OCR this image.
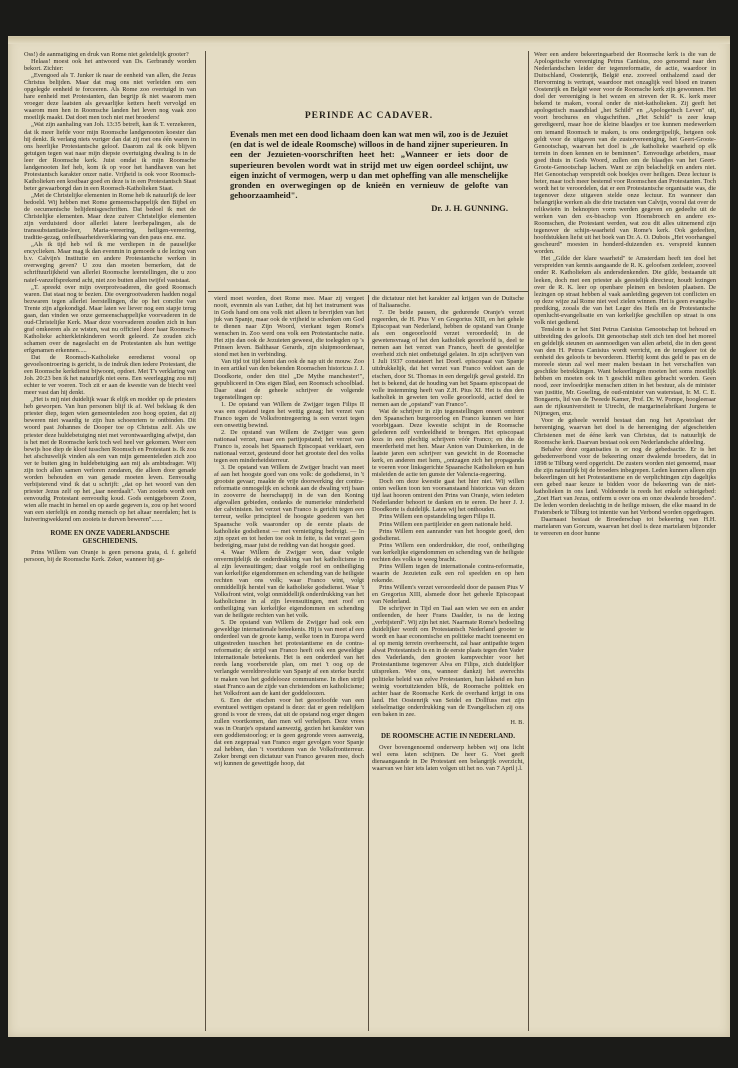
Oss!) de aanmatiging en druk van Rome niet geleidelijk grooter?

Helaas! moest ook het antwoord van Ds. Gerbrandy worden bekort. Zichier:

„Evengoed als T. Junker ik naar de eenheid van allen, die Jezus Christus belijden. Maar dat mag ons niet verleiden om een opgelegde eenheid te forceeren. Als Rome zoo overtuigd in van hare eenheid met Protestanten, dan begrijp ik niet waarom men vroeger deze laatsten als gevaarlijke ketters heeft vervolgd en waarom men hen in Roomsche landen het leven nog vaak zoo moeilijk maakt. Dat doet men toch niet met broeders!

„Wat zijn aanhaling van Joh. 13:35 betreft, kan ik T. verzekeren, dat ik meer liefde voor mijn Roomsche landgenooten koester dan hij denkt. Ik verlang niets vuriger dan dat zij met ons één waren in ons heerlijke Protestantsche geloof. Daarom zal ik ook blijven getuigen tegen wat naar mijn diepste overtuiging dwaling is in de leer der Roomsche kerk. Juist omdat ik mijn Roomsche landgenooten lief heb, kom ik op voor het handhaven van het Protestantsch karakter onzer natie. Vrijheid is ook voor Roomsch-Katholieken een kostbaar goed en deze is in een Protestantsch Staat beter gewaarborgd dan in een Roomsch-Katholieken Staat.

„Met de Christelijke elementen in Rome heb ik natuurlijk de leer bedoeld. Wij hebben met Rome gemeenschappelijk den Bijbel en de oecumenische belijdenisgeschriften. Dat bedoel ik met de Christelijke elementen. Maar deze zuiver Christelijke elementen zijn verduisterd door allerlei latere leerbepalingen, als de transsubstantiatie-leer, Maria-vereering, heiligen-vereering, traditie-gezag, onfeilbaarheidsverklaring van den paus enz. enz.

„Als ik tijd heb wil ik me verdiepen in de pauselijke encyclieken. Maar mag ik dan evenmin in gemoede u de lezing van b.v. Calvijn's Institutie en andere Protestantsche werken in overweging geven? U zou dan moeten bemerken, dat de schriftuurlijkheid van allerlei Roomsche leerstellingen, die u zoo naief-vanzelfsprekend acht, niet zoo buiten allen twijfel vaststaat.

„T. spreekt over mijn overprotvoaderen, die goed Roomsch waren. Dat staat nog te bezien. Die overgrootvaderen hadden nogal bezwaren tegen allerlei leerstellingen, die op het concilie van Trente zijn afgekondigd. Maar laten we liever nog een stapje terug gaan, dan vinden we onze gemeenschappelijke voorvaderen in de oud-Christelijke Kerk. Maar deze voorvaderen zouden zich in hun graf omkeeren als ze wisten, wat nu officieel door haar Roomsch-Katholieke achterkleinkinderen wordt geleerd. Ze zouden zich schamen over de nageslacht en de Protestanten als hun wettige erfgenamen erkennen.....

Dat de Roomsch-Katholieke eeredienst vooral op gevoelsontroering is gericht, is de indruk dien iedere Protestant, die een Roomsche kerkdienst bijwoont, opdoet. Met T's verklaring van Joh. 20:23 ben ik het natuurlijk niet eens. Een weerlegging zou mij echter te ver voeren. Toch zit er aan de kwestie van de biecht veel meer vast dan hij denkt.

„Het is mij niet duidelijk waar ik elijk en modder op de priesters heb geworpen. Van hun personen blijf ik af. Wel beklaag ik den priester diep, tegen wien gemeenteleden zoo hoog opzien, dat zij beweren niet waardig te zijn hun schoenriem te ontbinden. Dit woord past Johannes de Dooper toe op Christus zelf. Als uw priester deze huldebetuiging niet met verontwaardiging afwijst, dan is het met de Roomsche kerk toch wel heel ver gekomen. Weer een bewijs hoe diep de kloof tusschen Roomsch en Protestant is. Ik zou het afschuwelijk vinden als een van mijn gemeenteleden zich zoo ver te buiten ging in huldebetuiging aan mij als ambtsdrager. Wij zijn toch allen samen verloren zondaren, die alleen door genade worden behouden en van genade moeten leven. Eenvoudig verbijsterend vind ik dat u schrijft: „dat op het woord van den priester Jezus zelf op het „taar neerdaalt". Van zooiets wordt een eenvoudig Protestant eenvoudig koud. Gods eeniggeboren Zoon, wien alle macht in hemel en op aarde gegeven is, zou op het woord van een sterfelijk en zondig mensch op het altaar neerdalen; het is huiveringwekkend om zooiets te durven beweren".......

ROME EN ONZE VADERLANDSCHE GESCHIEDENIS.

Prins Willem van Oranje is geen persona grata, d. f. geliefd persoon, bij de Roomsche Kerk. Zeker, wanneer hij ge-

PERINDE AC CADAVER.
Evenals men met een dood lichaam doen kan wat men wil, zoo is de Jezuiet (en dat is wel de ideale Roomsche) willoos in de hand zijner superieuren. In een der Jezuieten-voorschriften heet het: „Wanneer er iets door de superieuren bevolen wordt wat in strijd met uw eigen oordeel schijnt, uw eigen inzicht of vermogen, werp u dan met opheffing van alle menschelijke gronden en overwegingen op de knieën en vernieuw de gelofte van gehoorzaamheid".
Dr. J. H. GUNNING.

vierd moet worden, doet Rome mee. Maar zij vergeet nooit, evenmin als van Luther, dat hij het instrument was in Gods hand om ons volk niet alleen te bevrijden van het juk van Spanje, maar ook de vrijheid te schenken om God te dienen naar Zijn Woord, vierkant tegen Rome's wenschen in. Zoo werd ons volk een Protestantsche natie. Het zijn dan ook de Jezuieten geweest, die toelegden op 's Prinsen leven. Balthasar Gerards, zijn sluipmoordenaar, stond met hen in verbinding.

Van tijd tot tijd komt dan ook de nap uit de mouw. Zoo in een artikel van den bekenden Roomschen historicus J. J. Doodkorte, onder den titel „De Mythe manchester!", gepubliceerd in Ons eigen Blad, een Roomsch schoolblad. Daar staat de geheele schrijver de volgende tegenstellingen op:

1. De opstand van Willem de Zwijger tegen Filips II was een opstand tegen het wettig gezag; het verzet van Franco tegen de Volksfrontregeering is een verzet tegen een onwettig bewind.

2. De opstand van Willem de Zwijger was geen nationaal verzet, maar een partijopstand; het verzet van Franco is, zooals het Spaansch Episcopaat verklaart, een nationaal verzet, gesteund door het grootste deel des volks tegen een minderheidsterreur.

3. De opstand van Willem de Zwijger bracht van meet af aan het hoogste goed van ons volk: de godsdienst, in 't grootste gevaar; maakte de vrije doorwerking der contra-reformatie onmogelijk en schonk aan de dwaling vrij baan in zooverre de heerschappij in de van den Koning afgevallen gebieden, ondanks de numerieke minderheid der calvinisten. het verzet van Franco is gericht tegen een terreur, welke principieel de hoogste goederen van het Spaansche volk waaronder op de eerste plaats de katholieke godsdienst — met vernietiging bedreigt. — In zijn opzet en tot heden toe ook in feite, is dat verzet geen bedreiging, maar juist de redding van dat hoogste goed.

4. Waar Willem de Zwijger won, daar volgde onvermijdelijk de onderdrukking van het katholicisme in al zijn levensuitingen; daar volgde roof en ontheiliging van kerkelijke eigendommen en schending van de heiligste rechten van ons volk; waar Franco wint, volgt onmiddellijk herstel van de katholieke godsdienst. Waar 't Volksfront wint, volgt onmiddellijk onderdrukking van het katholicisme in al zijn levensuitingen, met roof en ontheiliging van kerkelijke eigendommen en schending van de heiligste rechten van het volk.

5. De opstand van Willem de Zwijger had ook een geweldige internationale beteekenis. Hij is van meet af een onderdeel van de groote kamp, welke toen in Europa werd uitgestreden tusschen het protestantisme en de contra-reformatie; de strijd van Franco heeft ook een geweldige internationale beteekenis. Het is een onderdeel van het reeds lang voorbereide plan, om met 't oog op de verlangde wereldrevolutie van Spanje af een sterke burcht te maken van het goddelooze communisme. In dien strijd staat Franco aan de zijde van christendom en katholicisme; het Volksfront aan de kant der goddeloozen.

6. Een der eischen voor het geoorloofde van een eventueel wettigen opstand is deze: dat er geen redelijken grond is voor de vrees, dat uit de opstand nog erger dingen zullen voortkomen, dan men wil verhelpen. Deze vrees was in Oranje's opstand aanwezig, gezien het karakter van een goddienstoorlog; er is geen gegronde vrees aanwezig, dat een zegepraal van Franco erger gevolgen voor Spanje zal hebben, dan 't voortduren van de Volksfrontterreur. Zeker brengt een dictatuur van Franco gevaren mee, doch wij kunnen de gewettigde hoop, dat

die dictatuur niet het karakter zal krijgen van de Duitsche of Italiaansche.

7. De beide pausen, die gedurende Oranje's verzet regeerden, de H. Pius V en Gregorius XIII, en het gehele Episcopaat van Nederland, hebben de opstand van Oranje als een ongeoorloofd verzet veroordeeld; in de gewetensvraag of het den katholiek geoorloofd is, deel te nemen aan het verzet van Franco, heeft de geestelijke overheid zich niet ontbetuigd gelaten. In zijn schrijven van 1 Juli 1937 constateert het Doorl. episcopaat van Spanje uitdrukkelijk, dat het verzet van Franco voldoet aan de eischen, door St. Thomas in een dergelijk geval gesteld. En het is bekend, dat de houding van het Spaans episcopaat de volle instemming heeft van Z.H. Pius XI. Het is dus den katholiek in geweten ten volle geoorloofd, actief deel te nemen aan de „opstand" van Franco".

Wat de schrijver in zijn tegenstellingen oneert omtrent den Spaanschen burgeroorlog en Franco kunnen we hier voorbijgaan. Deze kwestie schijnt in de Roomsche gelederen zelf verdeeldheid te brengen. Het episcopaat kozs in een plechtig schrijven vóór Franco; en dus de meerderheid met hen. Maar Anton van Duinkerken, in de laatste jaren een schrijver van gewicht in de Roomsche kerk, en anderen met hem, „ontzagen zich het propaganda te voeren voor linksgerichte Spaansche Katholieken en hun misleiden de actie ten gunste der Valencia-regeering.

Doch om deze kwestie gaat het hier niet. Wij willen onten welken toon ten voorsanstaand historicus van dezen tijd laat hooren omtrent den Prins van Oranje, wien iedeten Nederlander behoort te danken en te eeren. De heer J. J. Doodkorte is duidelijk. Laten wij het onthouden.

Prins Willem een opstandeling tegen Filips II.

Prins Willem een partijleider en geen nationale held.

Prins Willem een aanrander van het hoogste goed, den godsdienst.

Prins Willem een onderdrukker, die roof, ontheiliging van kerkelijke eigendommen en schending van de heiligste rechten des volks te weeg bracht.

Prins Willem tegen de internationale contra-reformatie, waarin de Jezuieten zulk een rol speelden en op hen rekende.

Prins Willem's verzet veroordeeld door de pausen Pius V en Gregorius XIII, alsmede door het geheele Episcopaat van Nederland.

De schrijver in Tijd en Taal aan wien we een en ander ontleenden, de heer Frans Daalder, is na de lezing „verbijsterd". Wij zijn het niet. Naarmate Rome's bedoeling duidelijker wordt om Protestantsch Nederland grooter te wordt en haar economische en politieke macht toeneemt en al op menig terrein overheerscht, zal haar antipathie tegen alwat Protestantsch is en in de eerste plaats tegen den Vader des Vaderlands, den grooten kampvechter voor het Protestantisme tegenover Alva en Filips, zich duidelijker uitspreken. Wee ons, wanneer dankzij het averechts politieke beleid van zelve Protestanten, hun lakheid en hun weinig voortuitzienden blik, de Roomsche politiek en achter haar de Roomsche Kerk de overhand krijgt in ons land. Het Oostenrijk van Seidel en Dollfuss met zijn stelselmatige onderdrukking van de Evangelischen zij ons een baken in zee.

H. B.
DE ROOMSCHE ACTIE IN NEDERLAND.

Over bovengenoemd onderwerp hebben wij ons licht wel eens laten schijnen. De heer G. Voet geeft dienaangaande in De Protestant een belangrijk overzicht, waarvan we hier iets laten volgen uit het no. van 7 April j.l.

Weer een andere bekeeringsarbeid der Roomsche kerk is die van de Apologetische vereeniging Petrus Canisius, zoo genoemd naar den Nederlandschen leider der tegenreformatie, de actie, waardoor in Duitschland, Oostenrijk, België enz. zooveel onthalzend zaad der Hervorming is vertrapt, waardoor met onzaglijk veel bloed en tranen Oostenrijk en België weer voor de Roomsche kerk zijn gewonnen. Het doel der vereeniging is het wezen en streven der R. K. kerk meer bekend te maken, vooral onder de niet-katholieken. Zij geeft het apologetisch maandblad „het Schild" en „Apologetisch Leven" uit, voort brochures en vlugschriften. „Het Schild" is zeer knap geredigeerd, maar hoe de kleine blaadjes er toe kunnen medewerken om iemand Roomsch te maken, is ons ondergrijpelijk, hetgeen ook geldt voor de uitgaven van de zustervereeniging, het Geert-Groote-Genootschap, waarvan het doel is „de katholieke waarheid op elk terrein in doen kennen en te beminnen". Eenvoudige arbeiders, maar goed thuis in Gods Woord, zullen om de blaadjes van het Geert-Groote-Genootschap lachen. Want ze zijn belachelijk en anders niet. Het Genootschap verspreidt ook boekjes over heiligen. Deze lectuur is beter, maar toch meer bestemd voor Roomschen dan Protestanten. Toch wordt het te veroordelen, dat er een Protestantsche organisatie was, die tegenover deze uitgaven stelde onze lectuur. En wanneer dan belangrijke werken als die drie tractaten van Calvijn, vooral dat over de relikwieën in beknopten vorm werden gegeven en gedeelte uit de werken van den ex-bisschop von Hoensbroech en andere ex-Roomschen, die Protestant werden, wat zou dit alles uitnemend zijn tegenover de schijn-waarheid van Rome's kerk. Ook gedeelten, hoofdstukken liefst uit het boek van Dr. A. O. Dubois „Het voorhangsel gescheurd" moesten in honderd-duizenden ex. verspreid kunnen worden.

Het „Gilde der klare waarheid" te Amsterdam heeft ten doel het verspreiden van kennis aangaande de R. K. geloofsen zedeleer, zooveel onder R. Katholieken als andersdenkenden. Die gilde, bestaande uit leeken, doch met een priester als geestelijk directeur, houdt lezingen over de R. K. leer op openbare pleinen en besloten plaatsen. De lezingen op straat hebben al vaak aanleiding gegeven tot conflicten en op deze wijze zal Rome niet veel zielen winnen. Het is geen evangelie-prediking, zooals die van het Leger des Heils en de Protestantsche openlucht-evangelisatie en van kerkelijke geschillen op straat is ons volk niet gediend.

Tenslotte is er het Sint Petrus Canisius Genootschap tot behoud en uitbreiding des geloofs. Dit genootschap stelt zich ten doel het moreel en geldelijk steunen en aanmoedigen van allen arbeid, die in den geest van den H. Petrus Canisius wordt verricht, en de terugkeer tot de eenheid des geloofs te bevorderen. Hierbij komt dus geld te pas en de moreele steun zal wel meer malen bestaan in het verschaffen van geschikte betrekkingen. Want bekeerlingen moeten het soms moeilijk hebben en moeten ook in 't geschikt milieu gebracht worden. Geen nood, zeer invloedrijke menschen zitten in het bestuur, als de minister van justitie, Mr. Goseling, de oud-minister van waterstaat, Ir. M. C. E. Bongaerts, lid van de Tweede Kamer, Prof. Dr. W. Pompe, hoogleeraar aan de rijksuniversiteit te Utrecht, de margarinefabrikant Jurgens te Nijmegen, enz.

Voor de geheele wereld bestaat dan nog het Apostolaat der hereeniging, waarvan het doel is de hereeniging der afgescheiden Christenen met de ééne kerk van Christus, dat is natuurlijk de Roomsche kerk. Daarvan bestaat ook een Nederlandsche afdeeling.

Behalve deze organisaties is er nog de gebedsactie. Er is het gebedenverbond voor de bekeering onzer dwalende broeders, dat in 1898 te Tilburg werd opgericht. De zusters worden niet genoemd, maar die zijn natuurlijk bij de broeders inbegrepen. Leden kunnen alleen zijn bekeerlingen uit het Protestantisme en de verplichtingen zijn dagelijks een gebed naar keuze te bidden voor de bekeering van de niet-katholieken in ons land. Voldoende is reeds het enkele schietgebed: „Zoet Hart van Jezus, ontferm u over ons en onze dwalende broeders". De leden worden deelachtig in de heilige missen, die elke maand in de Fratersberk te Tilburg tot intentie van het Verbond worden opgedragen.

Daarnaast bestaat de Broederschap tot bekeering van H.H. martelaren van Gorcum, waarvan het doel is deze martelaren bijzonder te vereeren en door hunne
